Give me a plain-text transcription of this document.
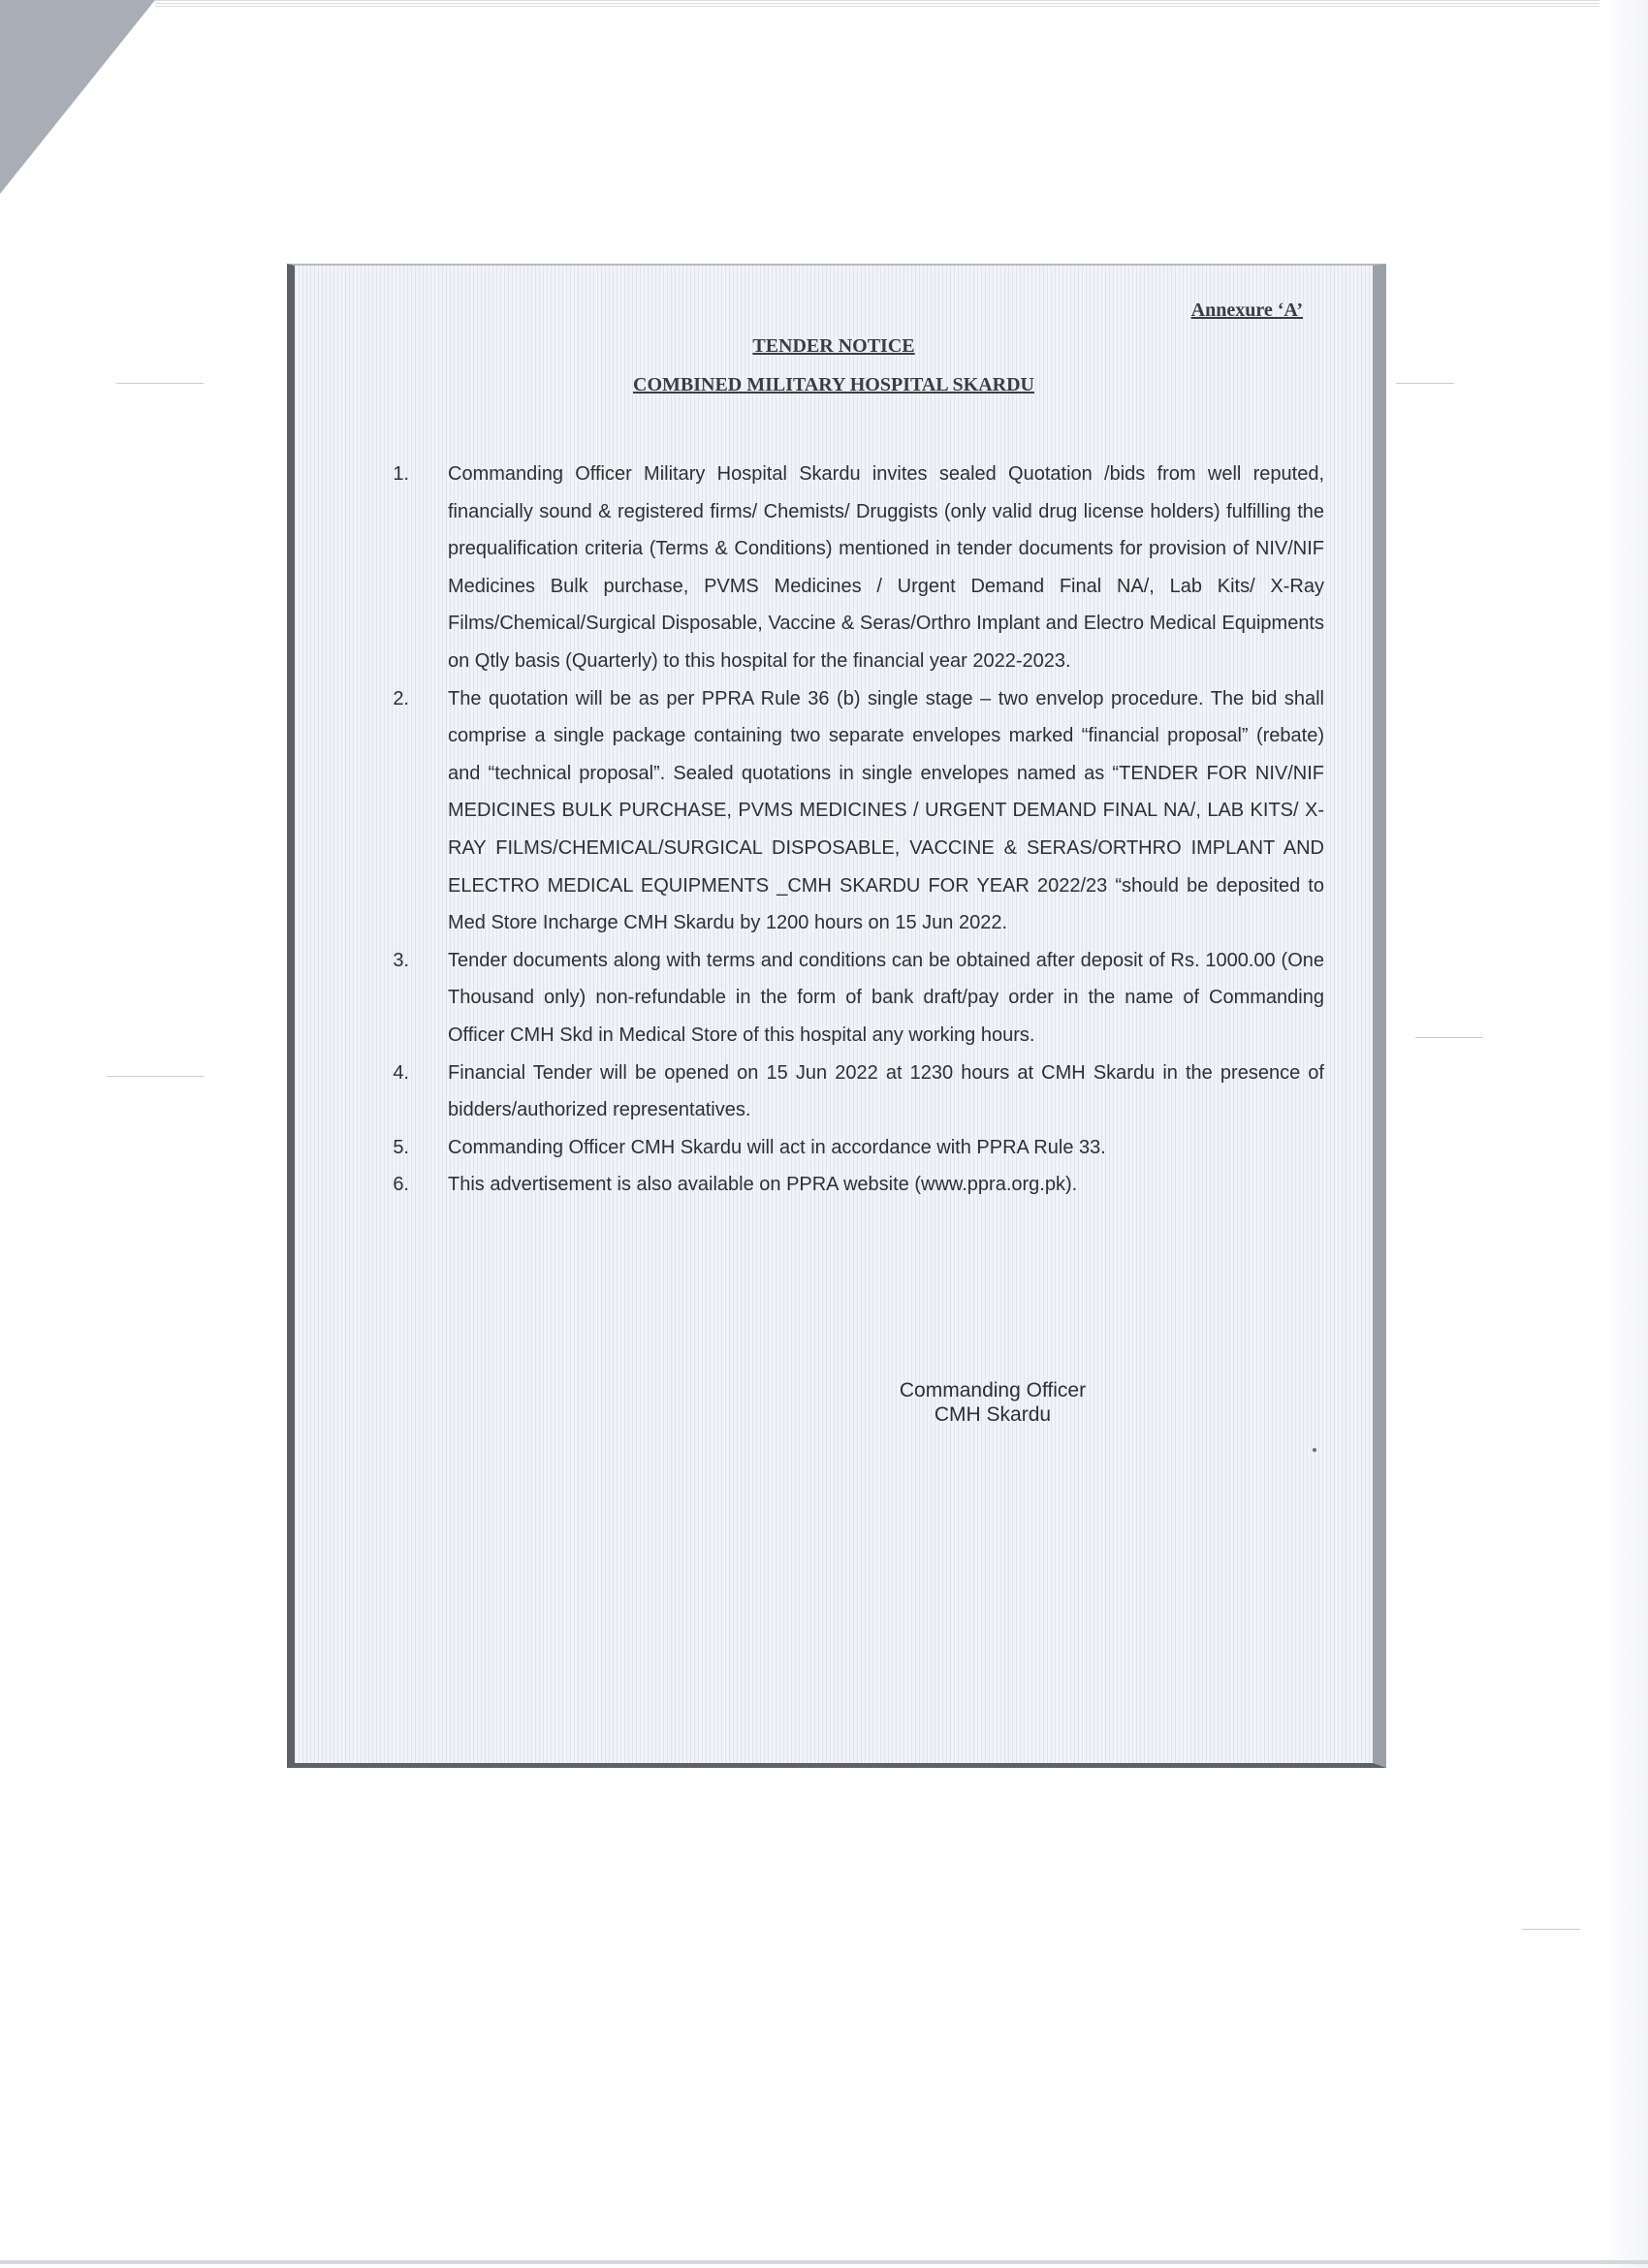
Annexure ‘A’
TENDER NOTICE
COMBINED MILITARY HOSPITAL SKARDU
1. Commanding Officer Military Hospital Skardu invites sealed Quotation /bids from well reputed, financially sound & registered firms/ Chemists/ Druggists (only valid drug license holders) fulfilling the prequalification criteria (Terms & Conditions) mentioned in tender documents for provision of NIV/NIF Medicines Bulk purchase, PVMS Medicines / Urgent Demand Final NA/, Lab Kits/ X-Ray Films/Chemical/Surgical Disposable, Vaccine & Seras/Orthro Implant and Electro Medical Equipments on Qtly basis (Quarterly) to this hospital for the financial year 2022-2023.
2. The quotation will be as per PPRA Rule 36 (b) single stage – two envelop procedure. The bid shall comprise a single package containing two separate envelopes marked “financial proposal” (rebate) and “technical proposal”. Sealed quotations in single envelopes named as “TENDER FOR NIV/NIF MEDICINES BULK PURCHASE, PVMS MEDICINES / URGENT DEMAND FINAL NA/, LAB KITS/ X-RAY FILMS/CHEMICAL/SURGICAL DISPOSABLE, VACCINE & SERAS/ORTHRO IMPLANT AND ELECTRO MEDICAL EQUIPMENTS _CMH SKARDU FOR YEAR 2022/23 “should be deposited to Med Store Incharge CMH Skardu by 1200 hours on 15 Jun 2022.
3. Tender documents along with terms and conditions can be obtained after deposit of Rs. 1000.00 (One Thousand only) non-refundable in the form of bank draft/pay order in the name of Commanding Officer CMH Skd in Medical Store of this hospital any working hours.
4. Financial Tender will be opened on 15 Jun 2022 at 1230 hours at CMH Skardu in the presence of bidders/authorized representatives.
5. Commanding Officer CMH Skardu will act in accordance with PPRA Rule 33.
6. This advertisement is also available on PPRA website (www.ppra.org.pk).
Commanding Officer
CMH Skardu
